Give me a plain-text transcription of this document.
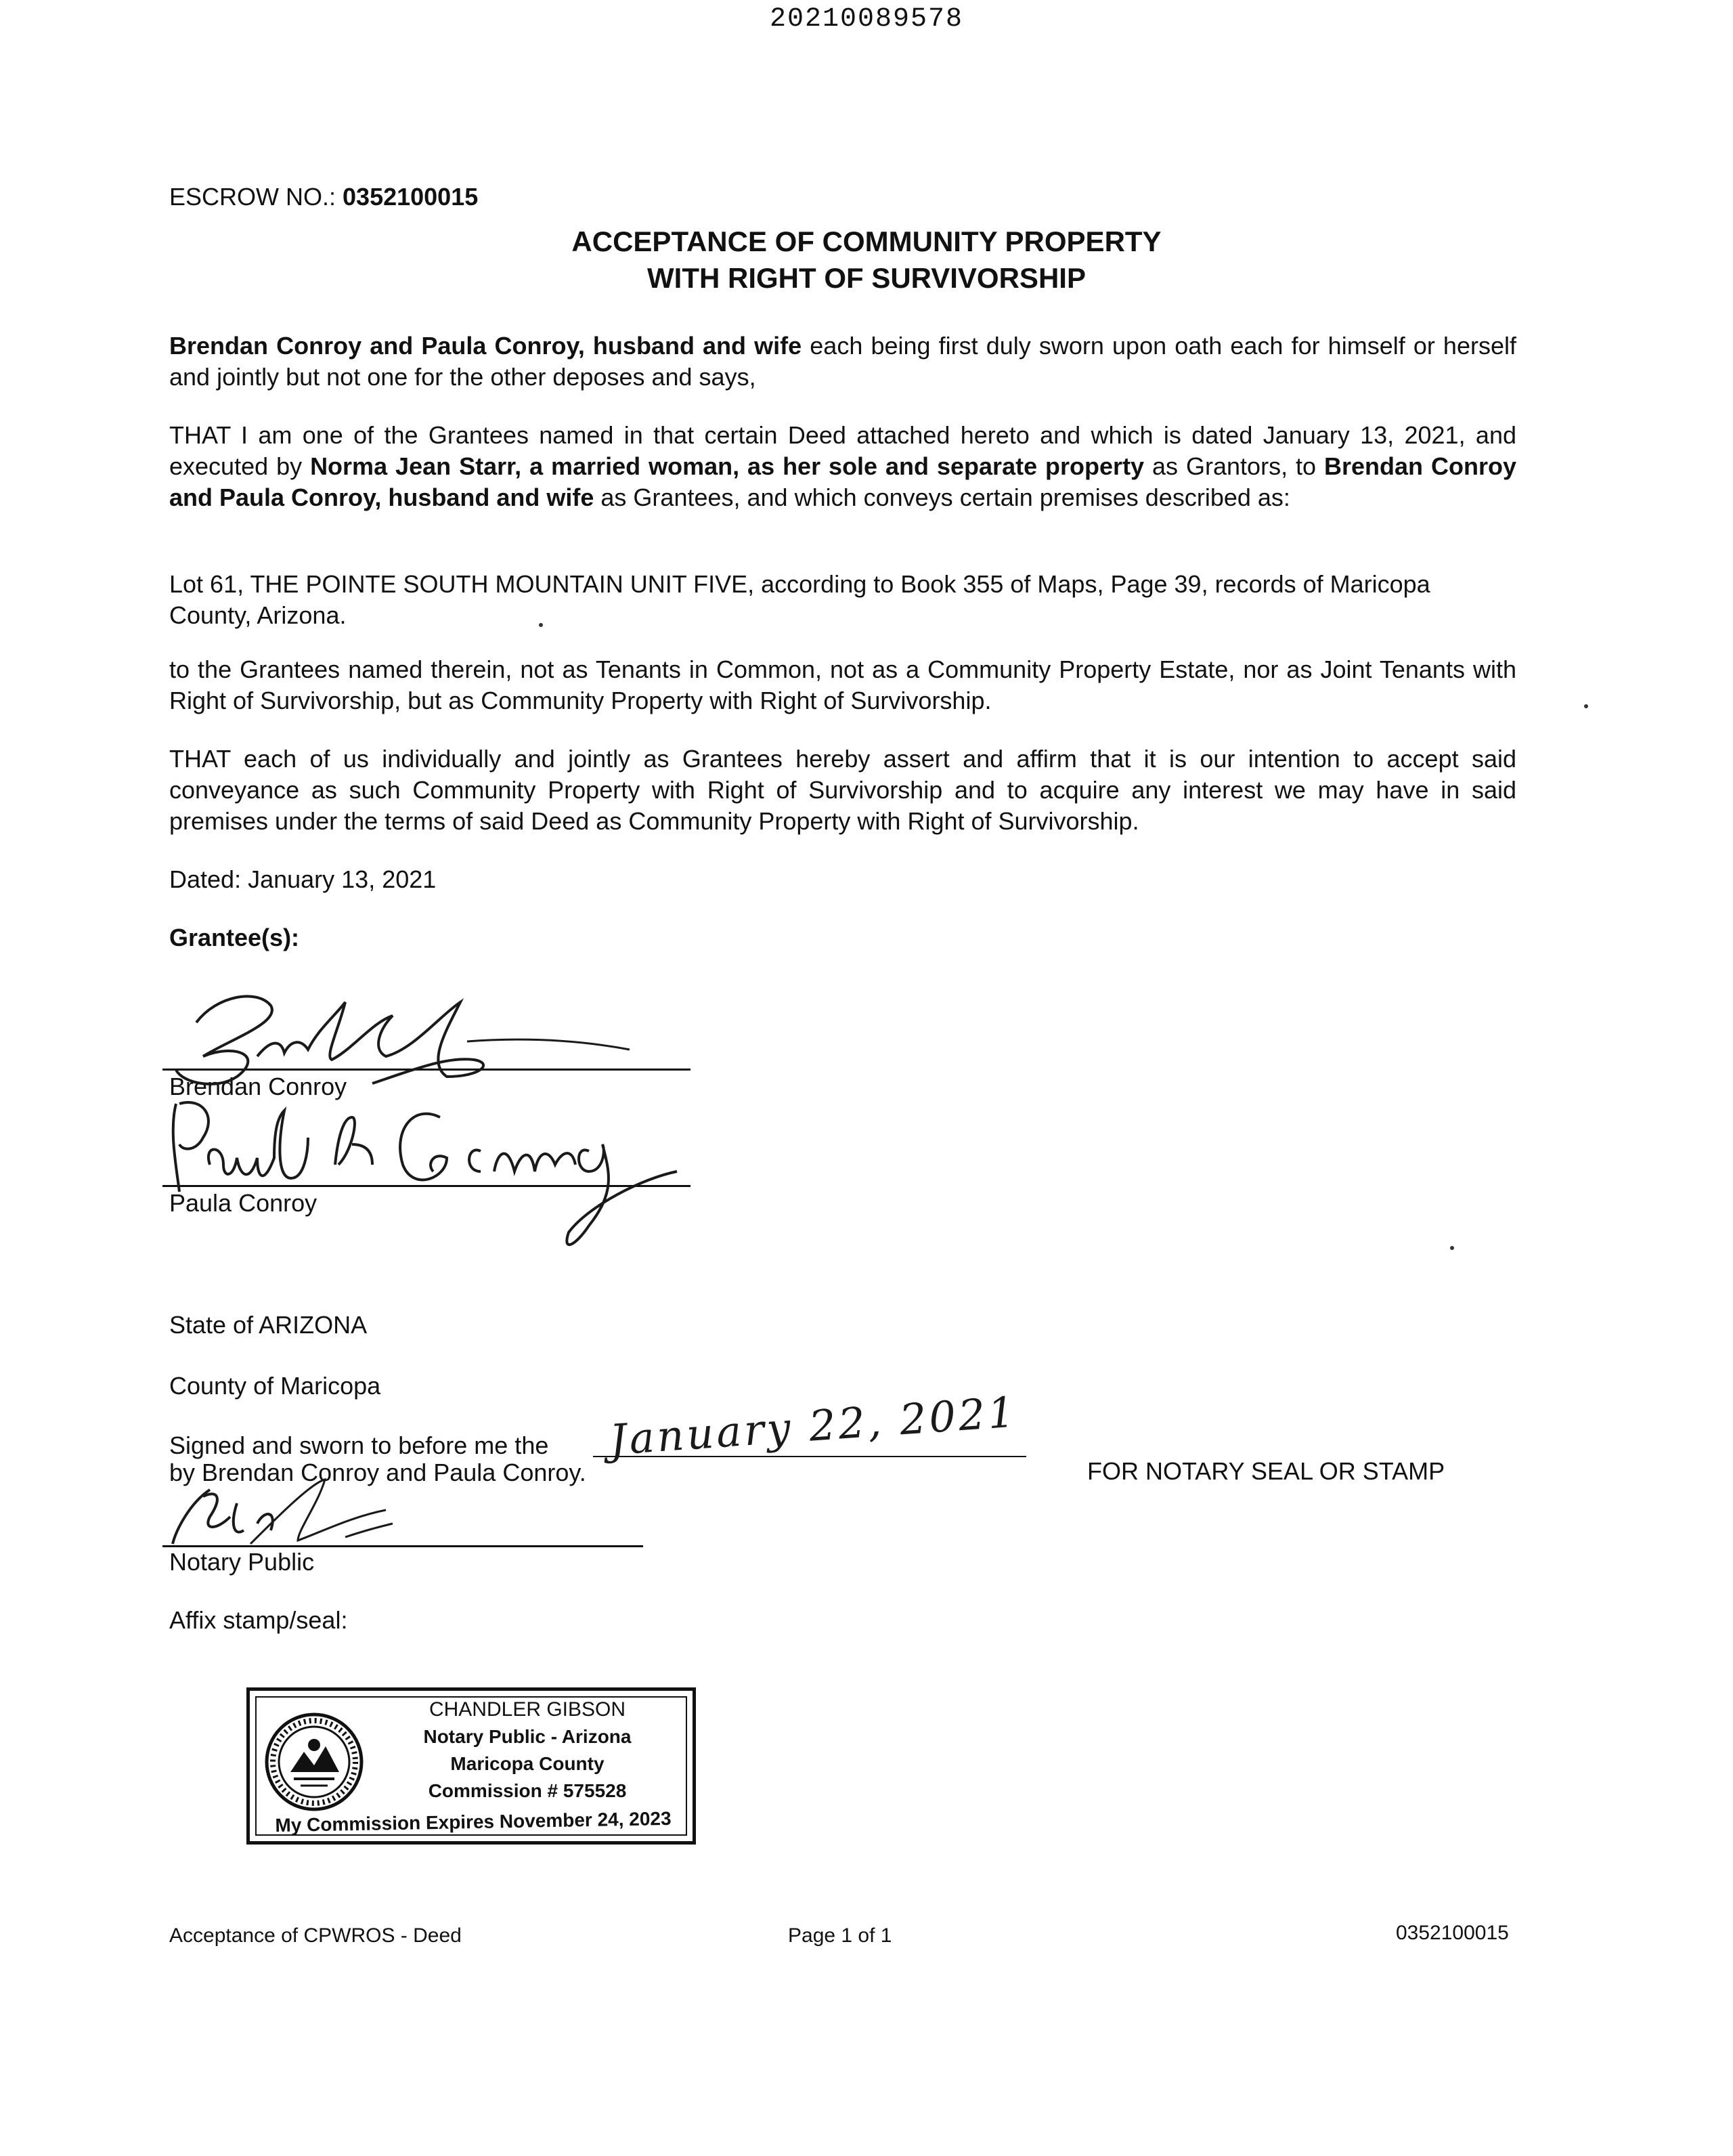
20210089578
ESCROW NO.: 0352100015
ACCEPTANCE OF COMMUNITY PROPERTY
WITH RIGHT OF SURVIVORSHIP
Brendan Conroy and Paula Conroy, husband and wife each being first duly sworn upon oath each for himself or herself and jointly but not one for the other deposes and says,
THAT I am one of the Grantees named in that certain Deed attached hereto and which is dated January 13, 2021, and executed by Norma Jean Starr, a married woman, as her sole and separate property as Grantors, to Brendan Conroy and Paula Conroy, husband and wife as Grantees, and which conveys certain premises described as:
Lot 61, THE POINTE SOUTH MOUNTAIN UNIT FIVE, according to Book 355 of Maps, Page 39, records of Maricopa County, Arizona.
to the Grantees named therein, not as Tenants in Common, not as a Community Property Estate, nor as Joint Tenants with Right of Survivorship, but as Community Property with Right of Survivorship.
THAT each of us individually and jointly as Grantees hereby assert and affirm that it is our intention to accept said conveyance as such Community Property with Right of Survivorship and to acquire any interest we may have in said premises under the terms of said Deed as Community Property with Right of Survivorship.
Dated: January 13, 2021
Grantee(s):
Brendan Conroy
Paula Conroy
State of ARIZONA
County of Maricopa
Signed and sworn to before me the January 22, 2021
by Brendan Conroy and Paula Conroy.	FOR NOTARY SEAL OR STAMP
Notary Public
Affix stamp/seal:
CHANDLER GIBSON
Notary Public - Arizona
Maricopa County
Commission # 575528
My Commission Expires November 24, 2023
Acceptance of CPWROS - Deed	Page 1 of 1	0352100015
